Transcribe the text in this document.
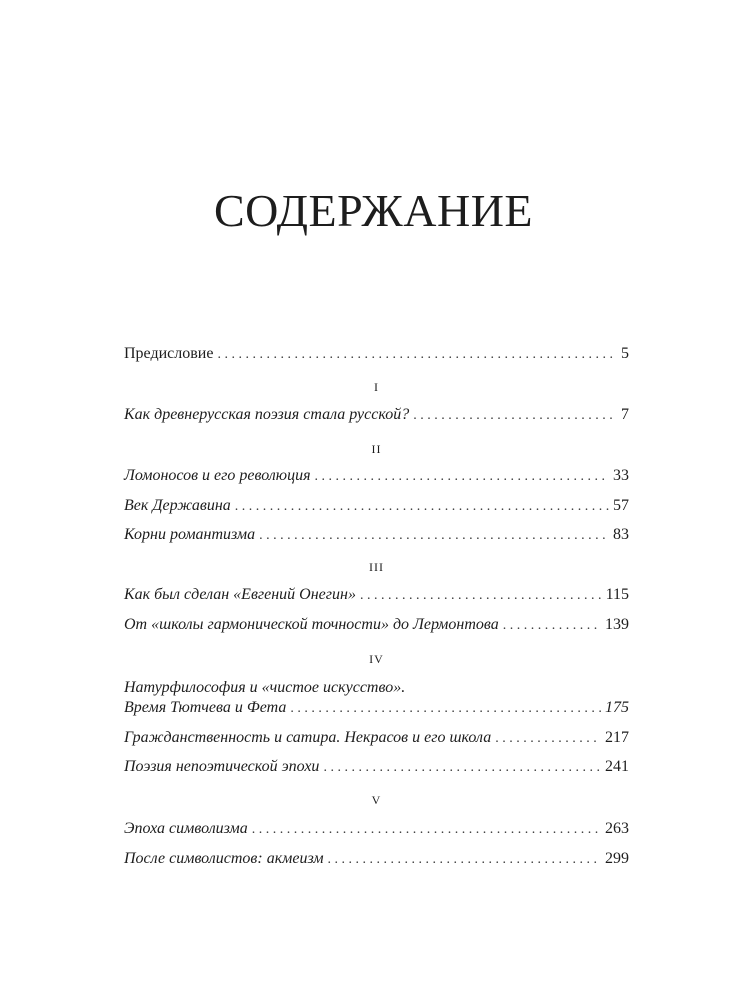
СОДЕРЖАНИЕ
Предисловие . . .	5
I
Как древнерусская поэзия стала русской? . . .	7
II
Ломоносов и его революция . . .	33
Век Державина . . .	57
Корни романтизма . . .	83
III
Как был сделан «Евгений Онегин» . . .	115
От «школы гармонической точности» до Лермонтова . . .	139
IV
Натурфилософия и «чистое искусство».
Время Тютчева и Фета . . .	175
Гражданственность и сатира. Некрасов и его школа . . .	217
Поэзия непоэтической эпохи . . .	241
V
Эпоха символизма . . .	263
После символистов: акмеизм . . .	299
